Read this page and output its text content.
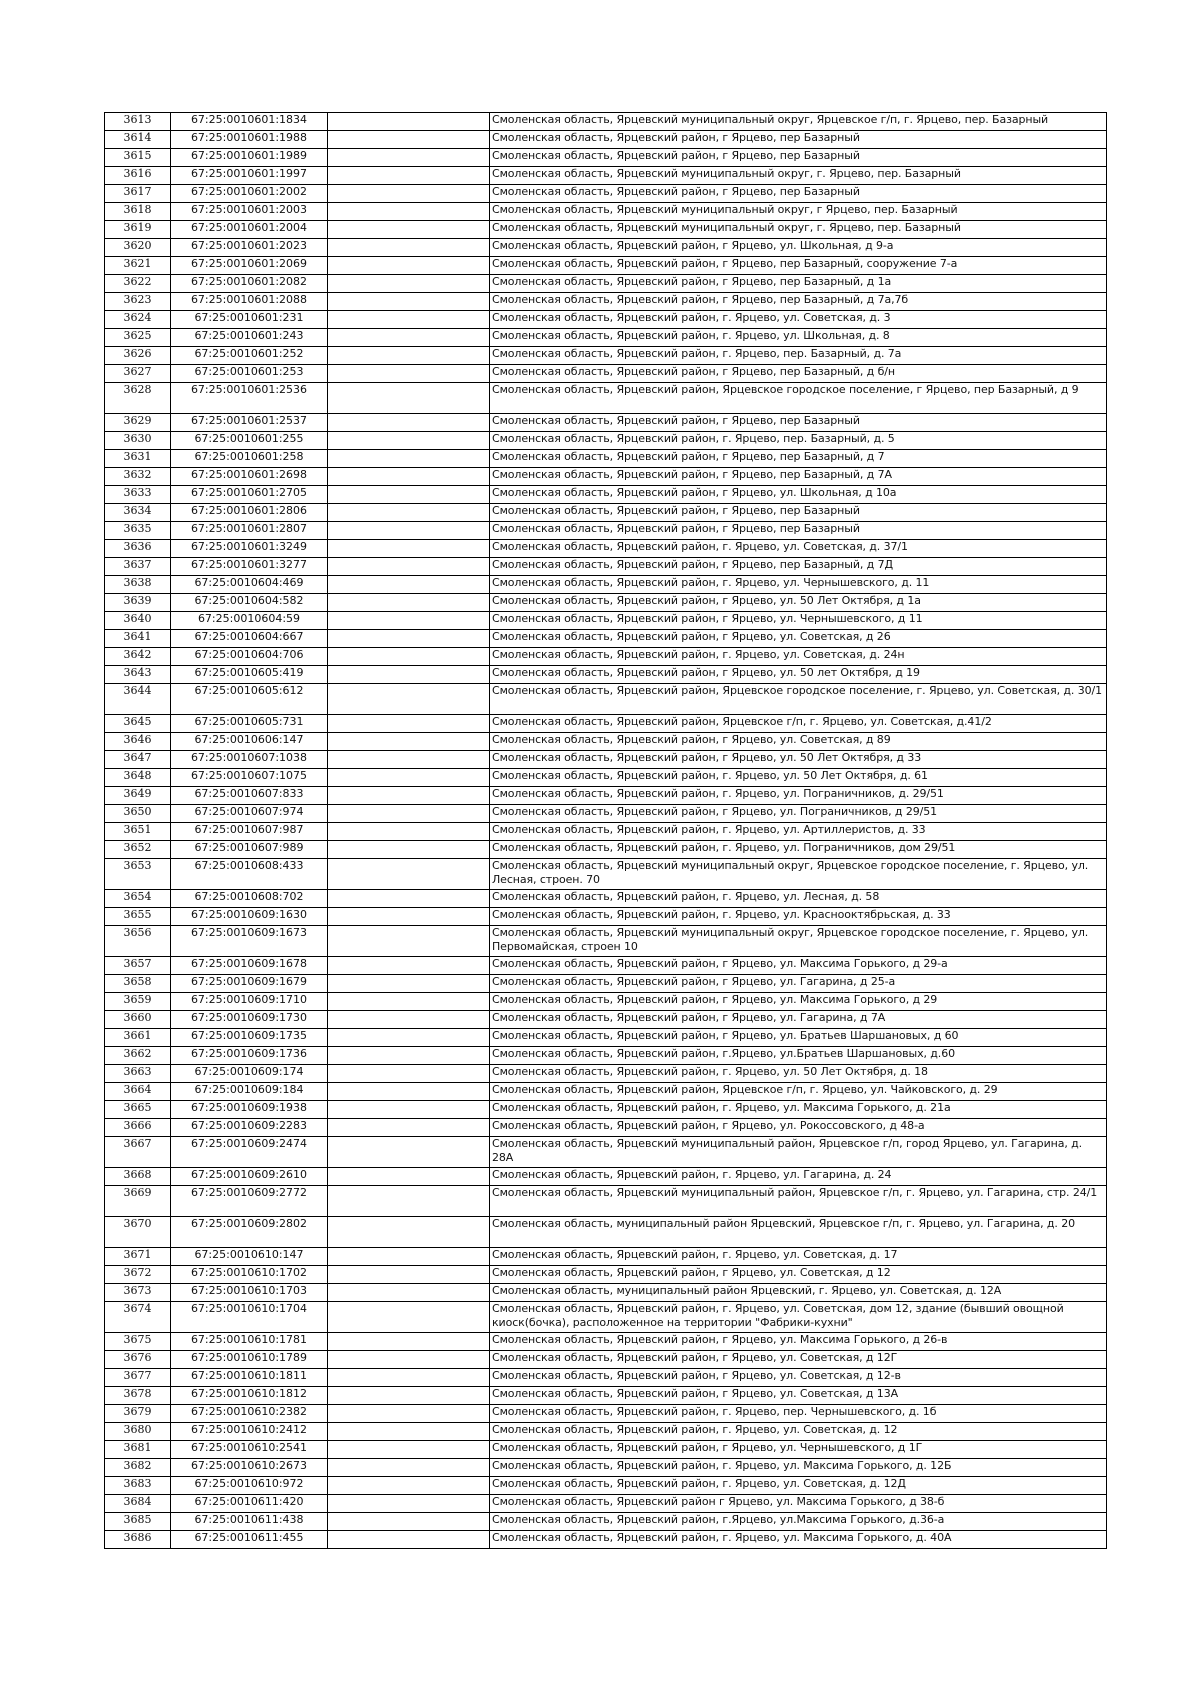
3613	67:25:0010601:1834		Смоленская область, Ярцевский муниципальный округ, Ярцевское г/п, г. Ярцево, пер. Базарный
3614	67:25:0010601:1988		Смоленская область, Ярцевский район, г Ярцево, пер Базарный
3615	67:25:0010601:1989		Смоленская область, Ярцевский район, г Ярцево, пер Базарный
3616	67:25:0010601:1997		Смоленская область, Ярцевский муниципальный округ, г. Ярцево, пер. Базарный
3617	67:25:0010601:2002		Смоленская область, Ярцевский район, г Ярцево, пер Базарный
3618	67:25:0010601:2003		Смоленская область, Ярцевский муниципальный округ, г Ярцево, пер. Базарный
3619	67:25:0010601:2004		Смоленская область, Ярцевский муниципальный округ, г. Ярцево, пер. Базарный
3620	67:25:0010601:2023		Смоленская область, Ярцевский район, г Ярцево, ул. Школьная, д 9-а
3621	67:25:0010601:2069		Смоленская область, Ярцевский район, г Ярцево, пер Базарный, сооружение 7-а
3622	67:25:0010601:2082		Смоленская область, Ярцевский район, г Ярцево, пер Базарный, д 1а
3623	67:25:0010601:2088		Смоленская область, Ярцевский район, г Ярцево, пер Базарный, д 7а,7б
3624	67:25:0010601:231		Смоленская область, Ярцевский район, г. Ярцево, ул. Советская, д. 3
3625	67:25:0010601:243		Смоленская область, Ярцевский район, г. Ярцево, ул. Школьная, д. 8
3626	67:25:0010601:252		Смоленская область, Ярцевский район, г. Ярцево, пер. Базарный, д. 7а
3627	67:25:0010601:253		Смоленская область, Ярцевский район, г Ярцево, пер Базарный, д б/н
3628	67:25:0010601:2536		Смоленская область, Ярцевский район, Ярцевское городское поселение, г Ярцево, пер Базарный, д 9
3629	67:25:0010601:2537		Смоленская область, Ярцевский район, г Ярцево, пер Базарный
3630	67:25:0010601:255		Смоленская область, Ярцевский район, г. Ярцево, пер. Базарный, д. 5
3631	67:25:0010601:258		Смоленская область, Ярцевский район, г Ярцево, пер Базарный, д 7
3632	67:25:0010601:2698		Смоленская область, Ярцевский район, г Ярцево, пер Базарный, д 7А
3633	67:25:0010601:2705		Смоленская область, Ярцевский район, г Ярцево, ул. Школьная, д 10а
3634	67:25:0010601:2806		Смоленская область, Ярцевский район, г Ярцево, пер Базарный
3635	67:25:0010601:2807		Смоленская область, Ярцевский район, г Ярцево, пер Базарный
3636	67:25:0010601:3249		Смоленская область, Ярцевский район, г. Ярцево, ул. Советская, д. 37/1
3637	67:25:0010601:3277		Смоленская область, Ярцевский район, г Ярцево, пер Базарный, д 7Д
3638	67:25:0010604:469		Смоленская область, Ярцевский район, г. Ярцево, ул. Чернышевского, д. 11
3639	67:25:0010604:582		Смоленская область, Ярцевский район, г Ярцево, ул. 50 Лет Октября, д 1а
3640	67:25:0010604:59		Смоленская область, Ярцевский район, г Ярцево, ул. Чернышевского, д 11
3641	67:25:0010604:667		Смоленская область, Ярцевский район, г Ярцево, ул. Советская, д 26
3642	67:25:0010604:706		Смоленская область, Ярцевский район, г. Ярцево, ул. Советская, д. 24н
3643	67:25:0010605:419		Смоленская область, Ярцевский район, г Ярцево, ул. 50 лет Октября, д 19
3644	67:25:0010605:612		Смоленская область, Ярцевский район, Ярцевское городское поселение, г. Ярцево, ул. Советская, д. 30/1
3645	67:25:0010605:731		Смоленская область, Ярцевский район, Ярцевское г/п, г. Ярцево, ул. Советская, д.41/2
3646	67:25:0010606:147		Смоленская область, Ярцевский район, г Ярцево, ул. Советская, д 89
3647	67:25:0010607:1038		Смоленская область, Ярцевский район, г Ярцево, ул. 50 Лет Октября, д 33
3648	67:25:0010607:1075		Смоленская область, Ярцевский район, г. Ярцево, ул. 50 Лет Октября, д. 61
3649	67:25:0010607:833		Смоленская область, Ярцевский район, г. Ярцево, ул. Пограничников, д. 29/51
3650	67:25:0010607:974		Смоленская область, Ярцевский район, г Ярцево, ул. Пограничников, д 29/51
3651	67:25:0010607:987		Смоленская область, Ярцевский район, г. Ярцево, ул. Артиллеристов, д. 33
3652	67:25:0010607:989		Смоленская область, Ярцевский район, г. Ярцево, ул. Пограничников, дом 29/51
3653	67:25:0010608:433		Смоленская область, Ярцевский муниципальный округ, Ярцевское городское поселение, г. Ярцево, ул. Лесная, строен. 70
3654	67:25:0010608:702		Смоленская область, Ярцевский район, г. Ярцево, ул. Лесная, д. 58
3655	67:25:0010609:1630		Смоленская область, Ярцевский район, г. Ярцево, ул. Краснооктябрьская, д. 33
3656	67:25:0010609:1673		Смоленская область, Ярцевский муниципальный округ, Ярцевское городское поселение, г. Ярцево, ул. Первомайская, строен 10
3657	67:25:0010609:1678		Смоленская область, Ярцевский район, г Ярцево, ул. Максима Горького, д 29-а
3658	67:25:0010609:1679		Смоленская область, Ярцевский район, г Ярцево, ул. Гагарина, д 25-а
3659	67:25:0010609:1710		Смоленская область, Ярцевский район, г Ярцево, ул. Максима Горького, д 29
3660	67:25:0010609:1730		Смоленская область, Ярцевский район, г Ярцево, ул. Гагарина, д 7А
3661	67:25:0010609:1735		Смоленская область, Ярцевский район, г Ярцево, ул. Братьев Шаршановых, д 60
3662	67:25:0010609:1736		Смоленская область, Ярцевский район, г.Ярцево, ул.Братьев Шаршановых, д.60
3663	67:25:0010609:174		Смоленская область, Ярцевский район, г. Ярцево, ул. 50 Лет Октября, д. 18
3664	67:25:0010609:184		Смоленская область, Ярцевский район, Ярцевское г/п, г. Ярцево, ул. Чайковского, д. 29
3665	67:25:0010609:1938		Смоленская область, Ярцевский район, г. Ярцево, ул. Максима Горького, д. 21а
3666	67:25:0010609:2283		Смоленская область, Ярцевский район, г Ярцево, ул. Рокоссовского, д 48-а
3667	67:25:0010609:2474		Смоленская область, Ярцевский муниципальный район, Ярцевское г/п, город Ярцево, ул. Гагарина, д. 28А
3668	67:25:0010609:2610		Смоленская область, Ярцевский район, г. Ярцево, ул. Гагарина, д. 24
3669	67:25:0010609:2772		Смоленская область, Ярцевский муниципальный район, Ярцевское г/п, г. Ярцево, ул. Гагарина, стр. 24/1
3670	67:25:0010609:2802		Смоленская область, муниципальный район Ярцевский, Ярцевское г/п, г. Ярцево, ул. Гагарина, д. 20
3671	67:25:0010610:147		Смоленская область, Ярцевский район, г. Ярцево, ул. Советская, д. 17
3672	67:25:0010610:1702		Смоленская область, Ярцевский район, г Ярцево, ул. Советская, д 12
3673	67:25:0010610:1703		Смоленская область, муниципальный район Ярцевский, г. Ярцево, ул. Советская, д. 12А
3674	67:25:0010610:1704		Смоленская область, Ярцевский район, г. Ярцево, ул. Советская, дом 12, здание (бывший овощной киоск(бочка), расположенное на территории "Фабрики-кухни"
3675	67:25:0010610:1781		Смоленская область, Ярцевский район, г Ярцево, ул. Максима Горького, д 26-в
3676	67:25:0010610:1789		Смоленская область, Ярцевский район, г Ярцево, ул. Советская, д 12Г
3677	67:25:0010610:1811		Смоленская область, Ярцевский район, г Ярцево, ул. Советская, д 12-в
3678	67:25:0010610:1812		Смоленская область, Ярцевский район, г Ярцево, ул. Советская, д 13А
3679	67:25:0010610:2382		Смоленская область, Ярцевский район, г. Ярцево, пер. Чернышевского, д. 1б
3680	67:25:0010610:2412		Смоленская область, Ярцевский район, г. Ярцево, ул. Советская, д. 12
3681	67:25:0010610:2541		Смоленская область, Ярцевский район, г Ярцево, ул. Чернышевского, д 1Г
3682	67:25:0010610:2673		Смоленская область, Ярцевский район, г. Ярцево, ул. Максима Горького, д. 12Б
3683	67:25:0010610:972		Смоленская область, Ярцевский район, г. Ярцево, ул. Советская, д. 12Д
3684	67:25:0010611:420		Смоленская область, Ярцевский район г Ярцево, ул. Максима Горького, д 38-б
3685	67:25:0010611:438		Смоленская область, Ярцевский район, г.Ярцево, ул.Максима Горького, д.36-а
3686	67:25:0010611:455		Смоленская область, Ярцевский район, г. Ярцево, ул. Максима Горького, д. 40А
